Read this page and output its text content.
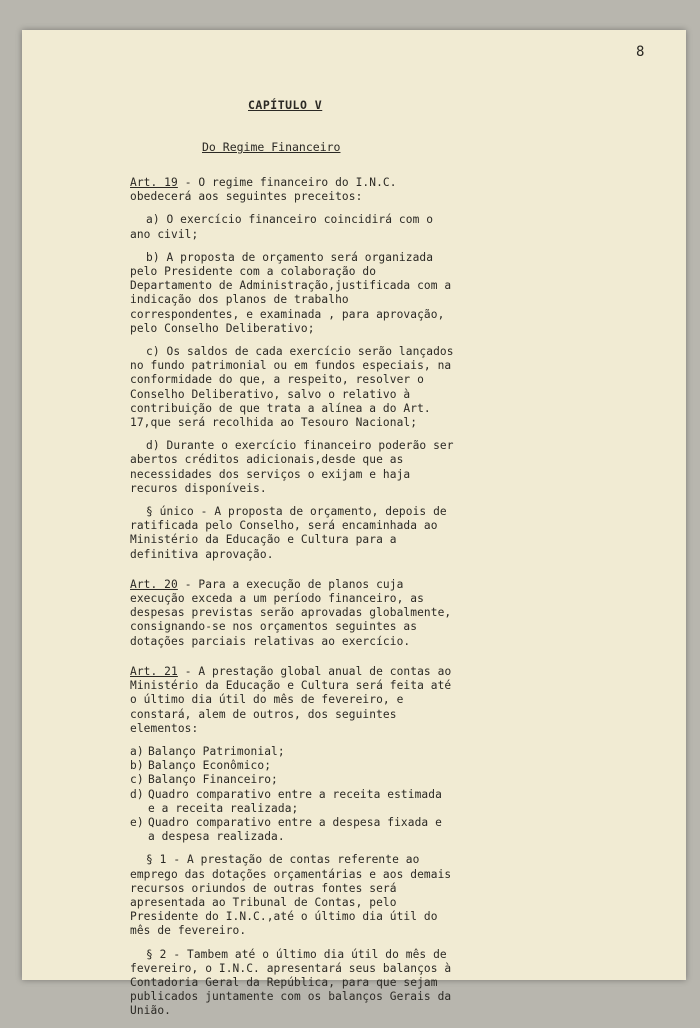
8
CAPÍTULO V
Do Regime Financeiro

Art. 19 - O regime financeiro do I.N.C. obedecerá aos seguintes preceitos:

a) O exercício financeiro coincidirá com o ano civil;

b) A proposta de orçamento será organizada pelo Presidente com a colaboração do Departamento de Administração,justificada com a indicação dos planos de trabalho correspondentes, e examinada , para aprovação, pelo Conselho Deliberativo;

c) Os saldos de cada exercício serão lançados no fundo patrimonial ou em fundos especiais, na conformidade do que, a respeito, resolver o Conselho Deliberativo, salvo o relativo à contribuição de que trata a alínea a do Art. 17,que será recolhida ao Tesouro Nacional;

d) Durante o exercício financeiro poderão ser abertos créditos adicionais,desde que as necessidades dos serviços o exijam e haja recuros disponíveis.

§ único - A proposta de orçamento, depois de ratificada pelo Conselho, será encaminhada ao Ministério da Educação e Cultura para a definitiva aprovação.

Art. 20 - Para a execução de planos cuja execução exceda a um período financeiro, as despesas previstas serão aprovadas globalmente, consignando-se nos orçamentos seguintes as dotações parciais relativas ao exercício.

Art. 21 - A prestação global anual de contas ao Ministério da Educação e Cultura será feita até o último dia útil do mês de fevereiro, e constará, alem de outros, dos seguintes elementos:

a) Balanço Patrimonial;
b) Balanço Econômico;
c) Balanço Financeiro;
d) Quadro comparativo entre a receita estimada e a receita realizada;
e) Quadro comparativo entre a despesa fixada e a despesa realizada.

§ 1 - A prestação de contas referente ao emprego das dotações orçamentárias e aos demais recursos oriundos de outras fontes será apresentada ao Tribunal de Contas, pelo Presidente do I.N.C.,até o último dia útil do mês de fevereiro.

§ 2 - Tambem até o último dia útil do mês de fevereiro, o I.N.C. apresentará seus balanços à Contadoria Geral da República, para que sejam publicados juntamente com os balanços Gerais da União.
